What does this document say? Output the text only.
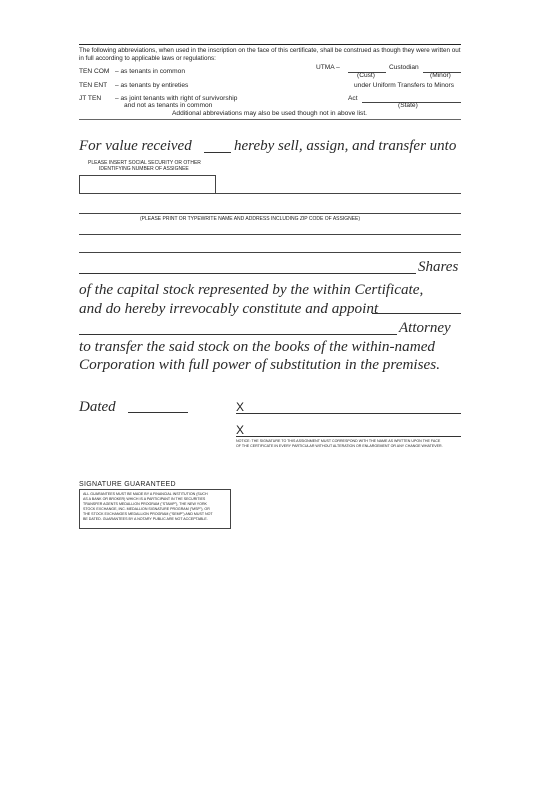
The following abbreviations, when used in the inscription on the face of this certificate, shall be construed as though they were written out in full according to applicable laws or regulations:
TEN COM – as tenants in common
TEN ENT – as tenants by entireties
JT TEN – as joint tenants with right of survivorship
and not as tenants in common
UTMA –	Custodian
(Cust)	(Minor)
under Uniform Transfers to Minors
Act
(State)
Additional abbreviations may also be used though not in above list.
For value received	hereby sell, assign, and transfer unto
PLEASE INSERT SOCIAL SECURITY OR OTHER
IDENTIFYING NUMBER OF ASSIGNEE
(PLEASE PRINT OR TYPEWRITE NAME AND ADDRESS INCLUDING ZIP CODE OF ASSIGNEE)
Shares
of the capital stock represented by the within Certificate,
and do hereby irrevocably constitute and appoint
Attorney
to transfer the said stock on the books of the within-named
Corporation with full power of substitution in the premises.
Dated	X
X
NOTICE: THE SIGNATURE TO THIS ASSIGNMENT MUST CORRESPOND WITH THE NAME AS WRITTEN UPON THE FACE
OF THE CERTIFICATE IN EVERY PARTICULAR WITHOUT ALTERATION OR ENLARGEMENT OR ANY CHANGE WHATEVER.
SIGNATURE GUARANTEED
ALL GUARANTEES MUST BE MADE BY A FINANCIAL INSTITUTION (SUCH
AS A BANK OR BROKER) WHICH IS A PARTICIPANT IN THE SECURITIES
TRANSFER AGENTS MEDALLION PROGRAM ("STAMP"), THE NEW YORK
STOCK EXCHANGE, INC. MEDALLION SIGNATURE PROGRAM ("MSP"), OR
THE STOCK EXCHANGES MEDALLION PROGRAM ("SEMP") AND MUST NOT
BE DATED. GUARANTEES BY A NOTARY PUBLIC ARE NOT ACCEPTABLE.
